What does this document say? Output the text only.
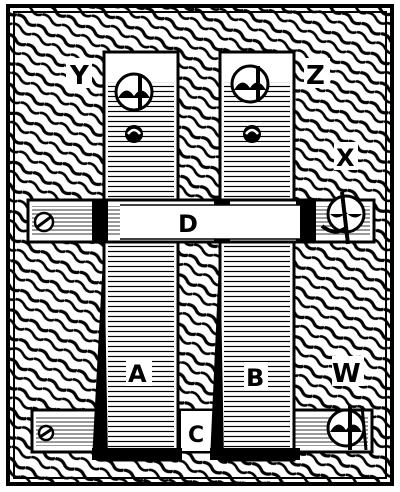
Y	Z
X
W
A	B
C
D
